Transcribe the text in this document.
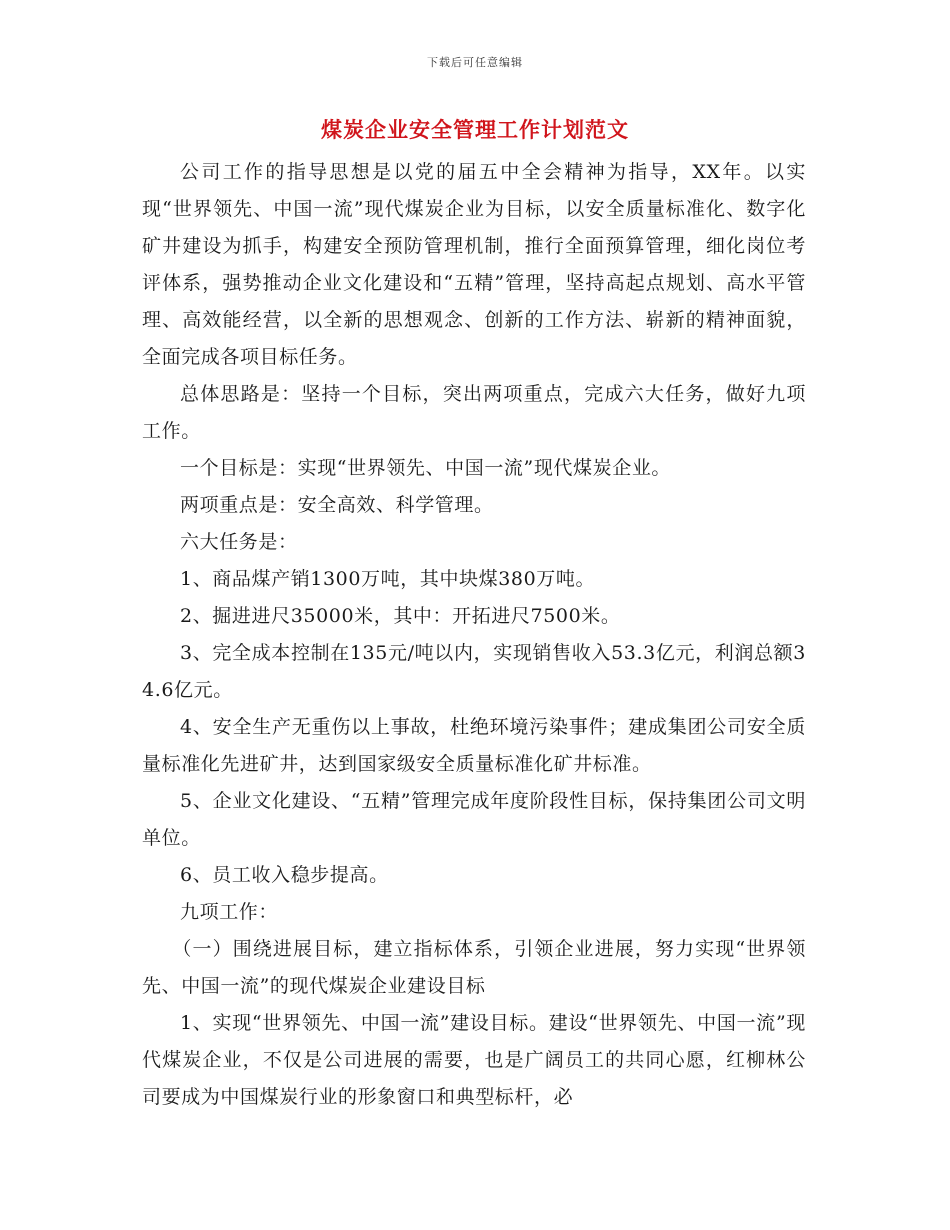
下载后可任意编辑
煤炭企业安全管理工作计划范文

公司工作的指导思想是以党的届五中全会精神为指导，XX年。以实现“世界领先、中国一流”现代煤炭企业为目标，以安全质量标准化、数字化矿井建设为抓手，构建安全预防管理机制，推行全面预算管理，细化岗位考评体系，强势推动企业文化建设和“五精”管理，坚持高起点规划、高水平管理、高效能经营，以全新的思想观念、创新的工作方法、崭新的精神面貌，全面完成各项目标任务。

总体思路是：坚持一个目标，突出两项重点，完成六大任务，做好九项工作。

一个目标是：实现“世界领先、中国一流”现代煤炭企业。

两项重点是：安全高效、科学管理。

六大任务是：

1、商品煤产销1300万吨，其中块煤380万吨。

2、掘进进尺35000米，其中：开拓进尺7500米。

3、完全成本控制在135元/吨以内，实现销售收入53.3亿元，利润总额34.6亿元。

4、安全生产无重伤以上事故，杜绝环境污染事件；建成集团公司安全质量标准化先进矿井，达到国家级安全质量标准化矿井标准。

5、企业文化建设、“五精”管理完成年度阶段性目标，保持集团公司文明单位。

6、员工收入稳步提高。

九项工作：

（一）围绕进展目标，建立指标体系，引领企业进展，努力实现“世界领先、中国一流”的现代煤炭企业建设目标

1、实现“世界领先、中国一流”建设目标。建设“世界领先、中国一流”现代煤炭企业，不仅是公司进展的需要，也是广阔员工的共同心愿，红柳林公司要成为中国煤炭行业的形象窗口和典型标杆，必
